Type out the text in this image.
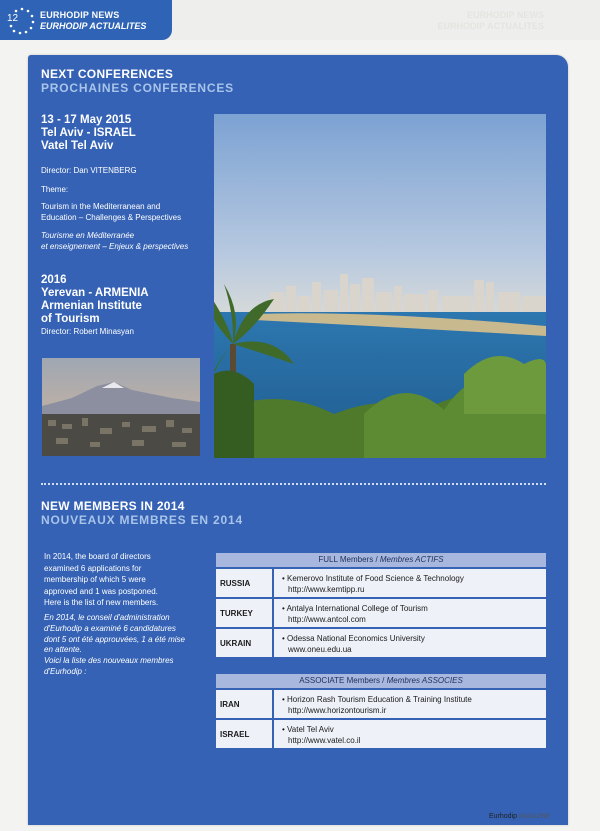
EURHODIP NEWS
EURHODIP ACTUALITES
12 EURHODIP NEWS
EURHODIP ACTUALITES
NEXT CONFERENCES
PROCHAINES CONFERENCES
13 - 17 May 2015
Tel Aviv - ISRAEL
Vatel Tel Aviv
Director: Dan VITENBERG
Theme:
Tourism in the Mediterranean and
Education – Challenges & Perspectives
Tourisme en Méditerranée
et enseignement – Enjeux & perspectives
2016
Yerevan - ARMENIA
Armenian Institute
of Tourism
Director: Robert Minasyan
NEW MEMBERS IN 2014
NOUVEAUX MEMBRES EN 2014
In 2014, the board of directors
examined 6 applications for
membership of which 5 were
approved and 1 was postponed.
Here is the list of new members.
En 2014, le conseil d'administration
d'Eurhodip a examiné 6 candidatures
dont 5 ont été approuvées, 1 a été mise
en attente.
Voici la liste des nouveaux membres
d'Eurhodip :
FULL Members / Membres ACTIFS
RUSSIA	• Kemerovo Institute of Food Science & Technology
http://www.kemtipp.ru
TURKEY	• Antalya International College of Tourism
http://www.antcol.com
UKRAIN	• Odessa National Economics University
www.oneu.edu.ua
ASSOCIATE Members / Membres ASSOCIES
IRAN	• Horizon Rash Tourism Education & Training Institute
http://www.horizontourism.ir
ISRAEL	• Vatel Tel Aviv
http://www.vatel.co.il
Eurhodip MAGAZINE
